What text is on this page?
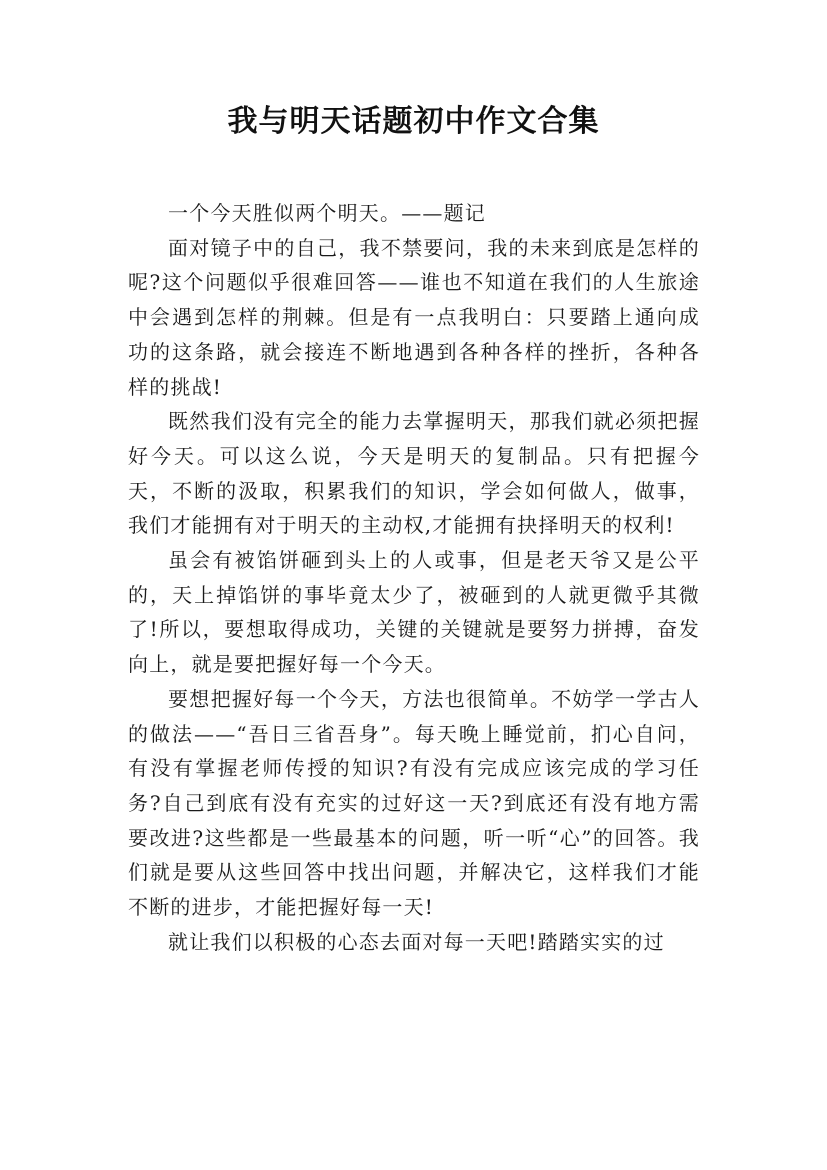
我与明天话题初中作文合集

一个今天胜似两个明天。——题记

面对镜子中的自己，我不禁要问，我的未来到底是怎样的呢?这个问题似乎很难回答——谁也不知道在我们的人生旅途中会遇到怎样的荆棘。但是有一点我明白：只要踏上通向成功的这条路，就会接连不断地遇到各种各样的挫折，各种各样的挑战!

既然我们没有完全的能力去掌握明天，那我们就必须把握好今天。可以这么说，今天是明天的复制品。只有把握今天，不断的汲取，积累我们的知识，学会如何做人，做事，我们才能拥有对于明天的主动权,才能拥有抉择明天的权利!

虽会有被馅饼砸到头上的人或事，但是老天爷又是公平的，天上掉馅饼的事毕竟太少了，被砸到的人就更微乎其微了!所以，要想取得成功，关键的关键就是要努力拼搏，奋发向上，就是要把握好每一个今天。

要想把握好每一个今天，方法也很简单。不妨学一学古人的做法——“吾日三省吾身”。每天晚上睡觉前，扪心自问，有没有掌握老师传授的知识?有没有完成应该完成的学习任务?自己到底有没有充实的过好这一天?到底还有没有地方需要改进?这些都是一些最基本的问题，听一听“心”的回答。我们就是要从这些回答中找出问题，并解决它，这样我们才能不断的进步，才能把握好每一天!

就让我们以积极的心态去面对每一天吧!踏踏实实的过
